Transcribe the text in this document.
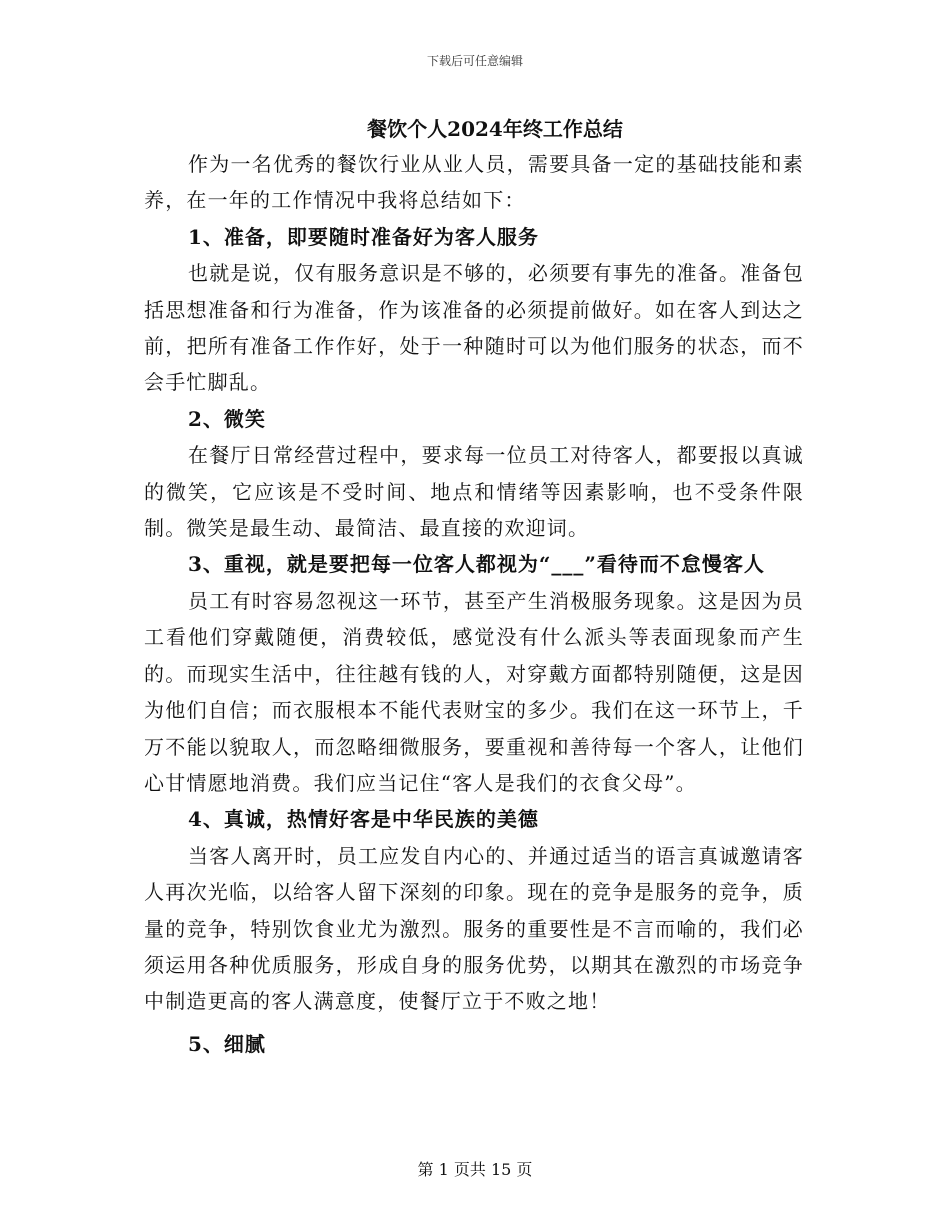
下载后可任意编辑
餐饮个人2024年终工作总结

作为一名优秀的餐饮行业从业人员，需要具备一定的基础技能和素养，在一年的工作情况中我将总结如下：

1、准备，即要随时准备好为客人服务

也就是说，仅有服务意识是不够的，必须要有事先的准备。准备包括思想准备和行为准备，作为该准备的必须提前做好。如在客人到达之前，把所有准备工作作好，处于一种随时可以为他们服务的状态，而不会手忙脚乱。

2、微笑

在餐厅日常经营过程中，要求每一位员工对待客人，都要报以真诚的微笑，它应该是不受时间、地点和情绪等因素影响，也不受条件限制。微笑是最生动、最简洁、最直接的欢迎词。

3、重视，就是要把每一位客人都视为“___”看待而不怠慢客人

员工有时容易忽视这一环节，甚至产生消极服务现象。这是因为员工看他们穿戴随便，消费较低，感觉没有什么派头等表面现象而产生的。而现实生活中，往往越有钱的人，对穿戴方面都特别随便，这是因为他们自信；而衣服根本不能代表财宝的多少。我们在这一环节上，千万不能以貌取人，而忽略细微服务，要重视和善待每一个客人，让他们心甘情愿地消费。我们应当记住“客人是我们的衣食父母”。

4、真诚，热情好客是中华民族的美德

当客人离开时，员工应发自内心的、并通过适当的语言真诚邀请客人再次光临，以给客人留下深刻的印象。现在的竞争是服务的竞争，质量的竞争，特别饮食业尤为激烈。服务的重要性是不言而喻的，我们必须运用各种优质服务，形成自身的服务优势，以期其在激烈的市场竞争中制造更高的客人满意度，使餐厅立于不败之地！

5、细腻

第 1 页共 15 页
